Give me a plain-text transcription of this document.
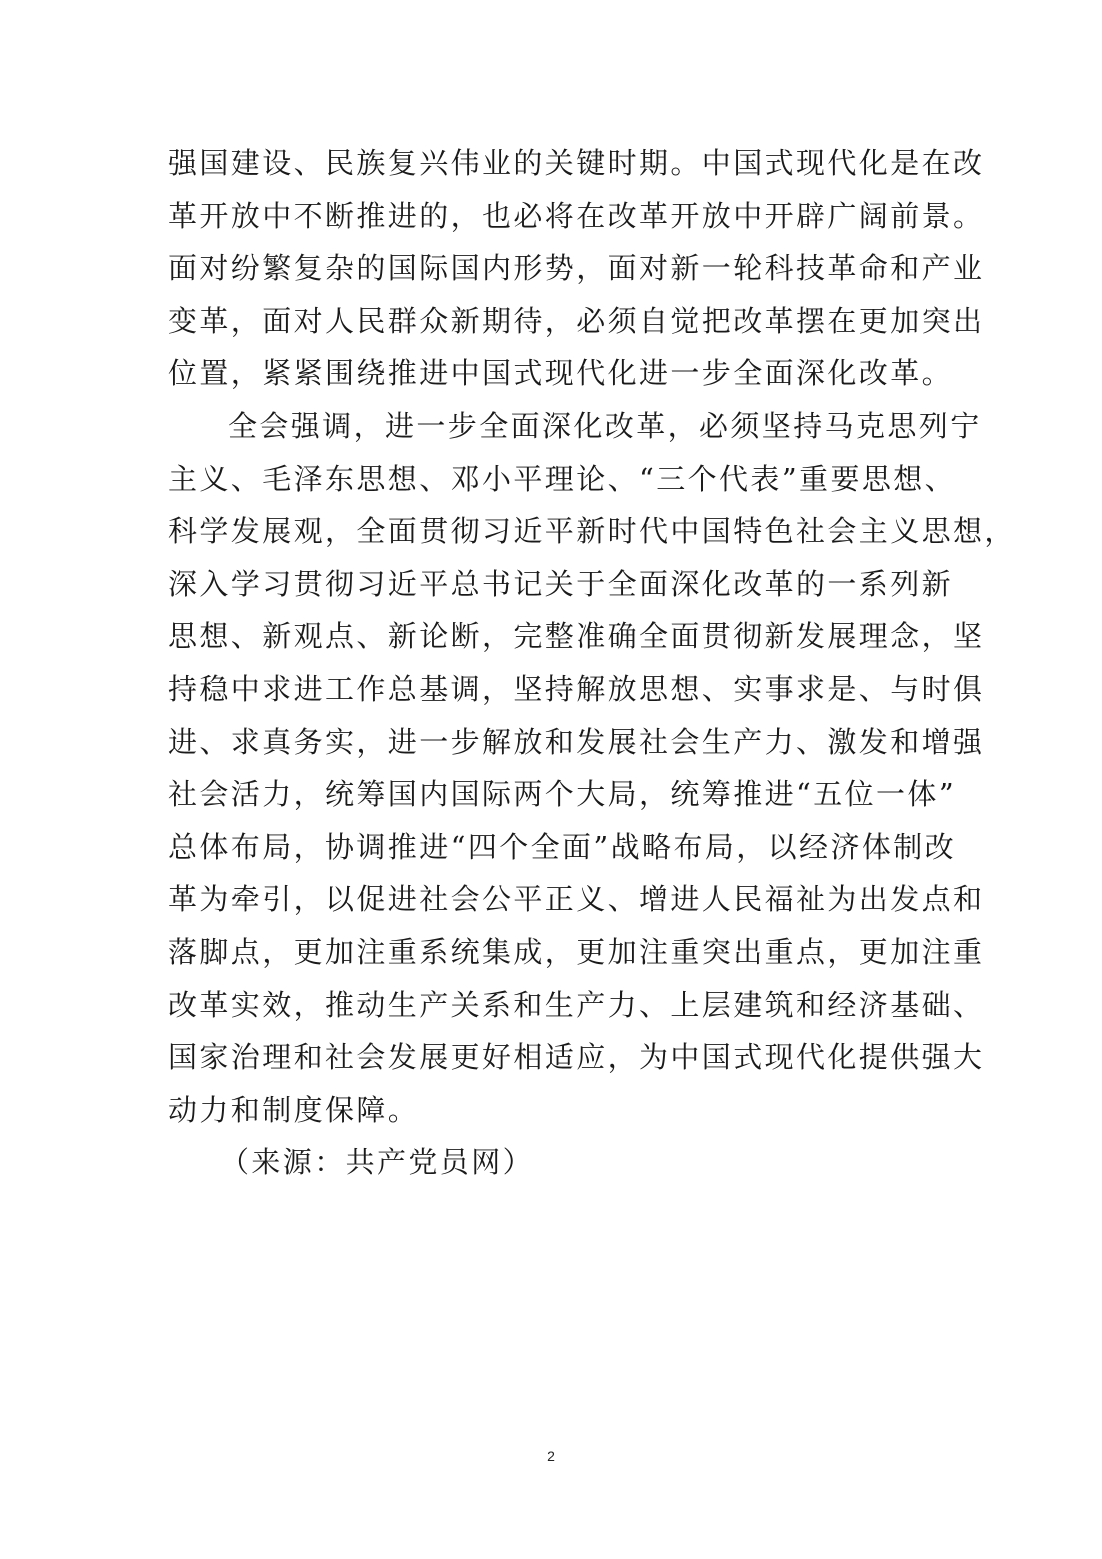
强国建设、民族复兴伟业的关键时期。中国式现代化是在改
革开放中不断推进的，也必将在改革开放中开辟广阔前景。
面对纷繁复杂的国际国内形势，面对新一轮科技革命和产业
变革，面对人民群众新期待，必须自觉把改革摆在更加突出
位置，紧紧围绕推进中国式现代化进一步全面深化改革。
全会强调，进一步全面深化改革，必须坚持马克思列宁
主义、毛泽东思想、邓小平理论、“三个代表”重要思想、
科学发展观，全面贯彻习近平新时代中国特色社会主义思想，
深入学习贯彻习近平总书记关于全面深化改革的一系列新
思想、新观点、新论断，完整准确全面贯彻新发展理念，坚
持稳中求进工作总基调，坚持解放思想、实事求是、与时俱
进、求真务实，进一步解放和发展社会生产力、激发和增强
社会活力，统筹国内国际两个大局，统筹推进“五位一体”
总体布局，协调推进“四个全面”战略布局，以经济体制改
革为牵引，以促进社会公平正义、增进人民福祉为出发点和
落脚点，更加注重系统集成，更加注重突出重点，更加注重
改革实效，推动生产关系和生产力、上层建筑和经济基础、
国家治理和社会发展更好相适应，为中国式现代化提供强大
动力和制度保障。
（来源：共产党员网）
2
